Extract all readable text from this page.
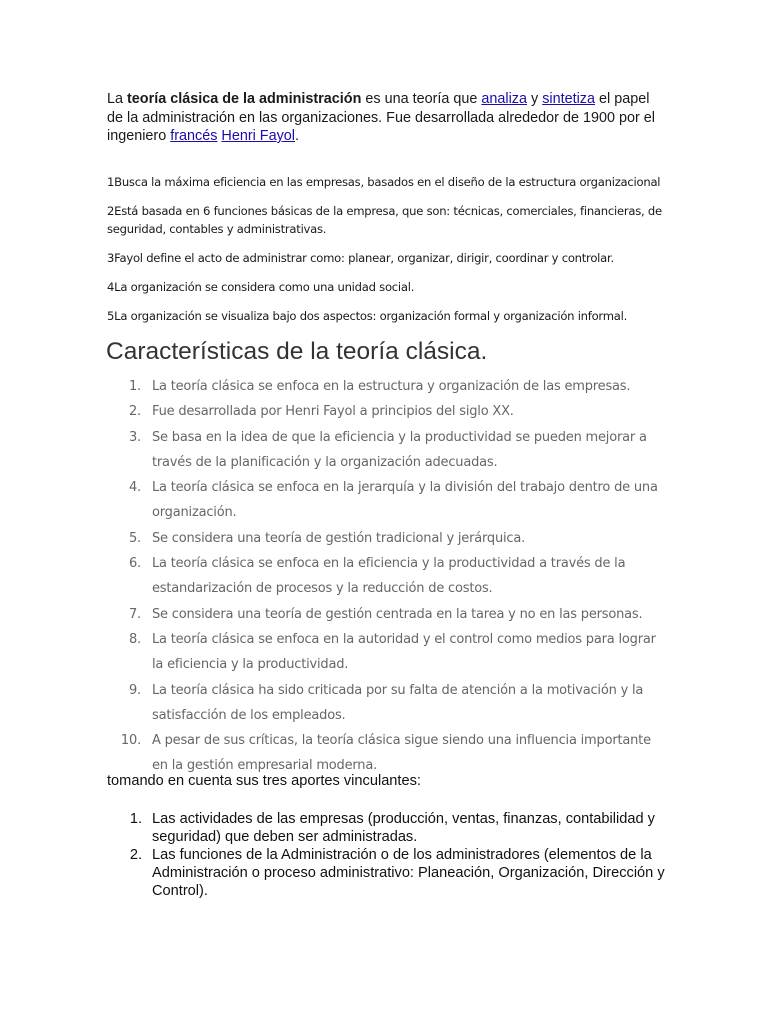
La teoría clásica de la administración es una teoría que analiza y sintetiza el papel de la administración en las organizaciones. Fue desarrollada alrededor de 1900 por el ingeniero francés Henri Fayol.

1Busca la máxima eficiencia en las empresas, basados en el diseño de la estructura organizacional

2Está basada en 6 funciones básicas de la empresa, que son: técnicas, comerciales, financieras, de seguridad, contables y administrativas.

3Fayol define el acto de administrar como: planear, organizar, dirigir, coordinar y controlar.

4La organización se considera como una unidad social.

5La organización se visualiza bajo dos aspectos: organización formal y organización informal.

Características de la teoría clásica.
1. La teoría clásica se enfoca en la estructura y organización de las empresas.
2. Fue desarrollada por Henri Fayol a principios del siglo XX.
3. Se basa en la idea de que la eficiencia y la productividad se pueden mejorar a través de la planificación y la organización adecuadas.
4. La teoría clásica se enfoca en la jerarquía y la división del trabajo dentro de una organización.
5. Se considera una teoría de gestión tradicional y jerárquica.
6. La teoría clásica se enfoca en la eficiencia y la productividad a través de la estandarización de procesos y la reducción de costos.
7. Se considera una teoría de gestión centrada en la tarea y no en las personas.
8. La teoría clásica se enfoca en la autoridad y el control como medios para lograr la eficiencia y la productividad.
9. La teoría clásica ha sido criticada por su falta de atención a la motivación y la satisfacción de los empleados.
10. A pesar de sus críticas, la teoría clásica sigue siendo una influencia importante en la gestión empresarial moderna.

tomando en cuenta sus tres aportes vinculantes:

1. Las actividades de las empresas (producción, ventas, finanzas, contabilidad y seguridad) que deben ser administradas.
2. Las funciones de la Administración o de los administradores (elementos de la Administración o proceso administrativo: Planeación, Organización, Dirección y Control).
